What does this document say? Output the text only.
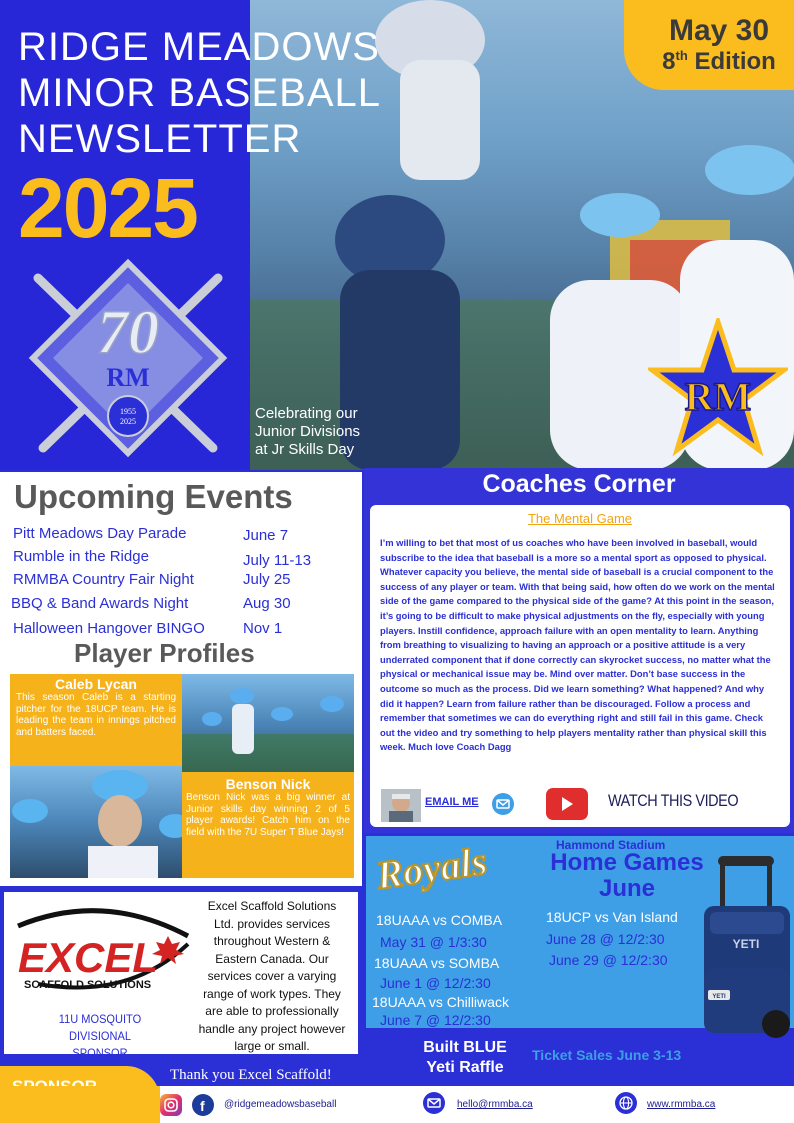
RIDGE MEADOWS
MINOR BASEBALL
NEWSLETTER
2025
70
RM
1955
2025	Celebrating our
Junior Divisions
at Jr Skills Day
May 30
8th Edition
RM
Upcoming Events
Pitt Meadows Day Parade	June 7
Rumble in the Ridge	July 11-13
RMMBA Country Fair Night	July 25
BBQ & Band Awards Night	Aug 30
Halloween Hangover BINGO	Nov 1
Player Profiles
Caleb Lycan
This season Caleb is a starting pitcher for the 18UCP team. He is leading the team in innings pitched and batters faced.
Benson Nick
Benson Nick was a big winner at Junior skills day winning 2 of 5 player awards! Catch him on the field with the 7U Super T Blue Jays!
Coaches Corner
The Mental Game
I’m willing to bet that most of us coaches who have been involved in baseball, would subscribe to the idea that baseball is a more so a mental sport as opposed to physical. Whatever capacity you believe, the mental side of baseball is a crucial component to the success of any player or team. With that being said, how often do we work on the mental side of the game compared to the physical side of the game? At this point in the season, it’s going to be difficult to make physical adjustments on the fly, especially with young players. Instill confidence, approach failure with an open mentality to learn. Anything from breathing to visualizing to having an approach or a positive attitude is a very underrated component that if done correctly can skyrocket success, no matter what the physical or mechanical issue may be. Mind over matter. Don’t base success in the outcome so much as the process. Did we learn something? What happened? And why did it happen? Learn from failure rather than be discouraged. Follow a process and remember that sometimes we can do everything right and still fail in this game. Check out the video and try something to help players mentality rather than physical skill this week. Much love Coach Dagg
EMAIL ME	WATCH THIS VIDEO
Royals	Hammond Stadium
Home Games
June
18UAAA vs COMBA
May 31 @ 1/3:30
18UAAA vs SOMBA
June 1 @ 12/2:30
18UAAA vs Chilliwack
June 7 @ 12/2:30
18UCP vs Van Island
June 28 @ 12/2:30
June 29 @ 12/2:30
YETI
YETI
Built BLUE
Yeti Raffle
Ticket Sales June 3-13
EXCEL
SCAFFOLD SOLUTIONS
11U MOSQUITO
DIVISIONAL SPONSOR
Excel Scaffold Solutions Ltd. provides services throughout Western & Eastern Canada. Our services cover a varying range of work types. They are able to professionally handle any project however large or small.
Thank you Excel Scaffold!
f @ridgemeadowsbaseball	hello@rmmba.ca	www.rmmba.ca
